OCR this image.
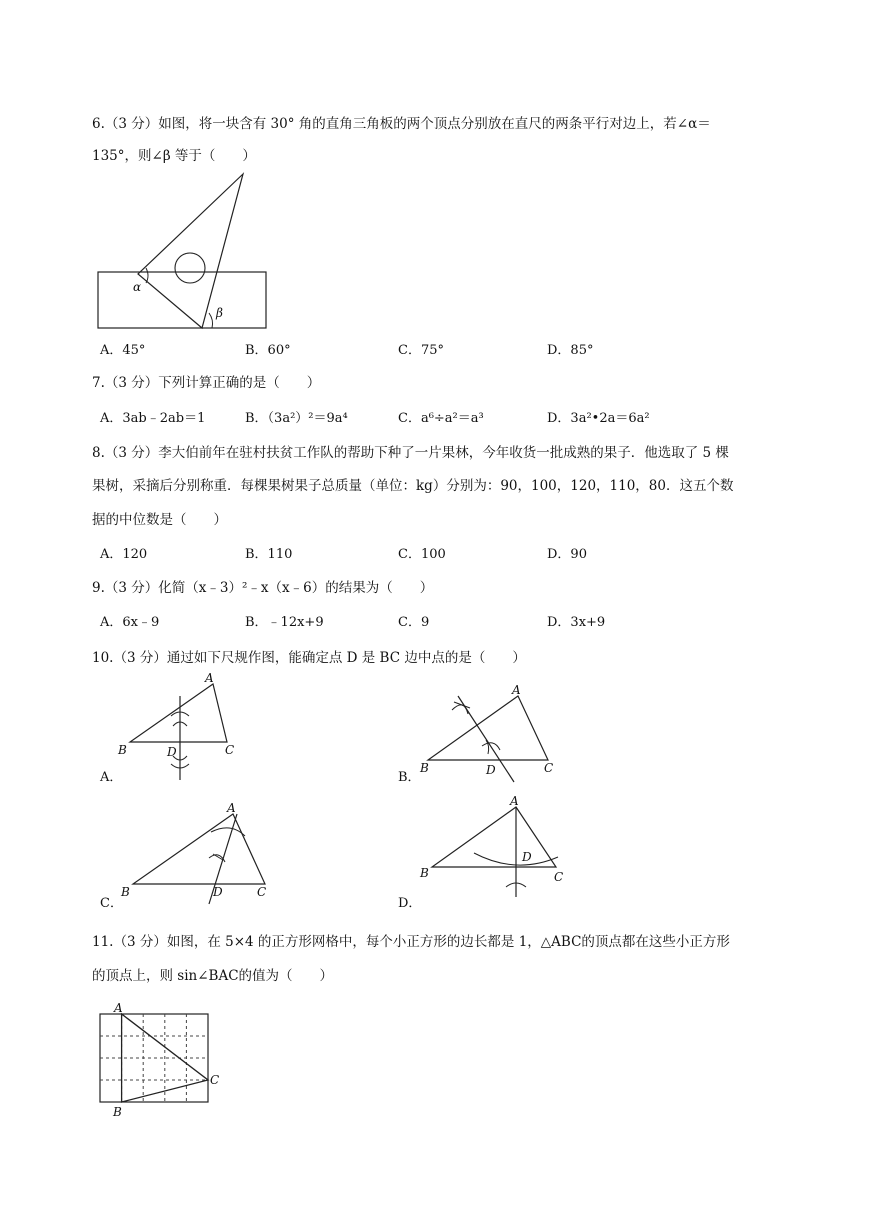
6.（3 分）如图，将一块含有 30° 角的直角三角板的两个顶点分别放在直尺的两条平行对边上，若∠α＝
135°，则∠β 等于（　　）
α
β
A．45°	B．60°	C．75°	D．85°
7.（3 分）下列计算正确的是（　　）
A．3ab﹣2ab＝1	B．（3a²）²＝9a⁴	C．a⁶÷a²＝a³	D．3a²•2a＝6a²
8.（3 分）李大伯前年在驻村扶贫工作队的帮助下种了一片果林，今年收货一批成熟的果子．他选取了 5 棵
果树，采摘后分别称重．每棵果树果子总质量（单位：kg）分别为：90，100，120，110，80．这五个数
据的中位数是（　　）
A．120	B．110	C．100	D．90
9.（3 分）化简（x﹣3）²﹣x（x﹣6）的结果为（　　）
A．6x﹣9	B．﹣12x+9	C．9	D．3x+9
10.（3 分）通过如下尺规作图，能确定点 D 是 BC 边中点的是（　　）
A
B	C
D
A．
A
B	C
D
B．
A
B	C
D
C．
A
B	C
D
D．
11.（3 分）如图，在 5×4 的正方形网格中，每个小正方形的边长都是 1，△ABC的顶点都在这些小正方形
的顶点上，则 sin∠BAC的值为（　　）
A
B
C
